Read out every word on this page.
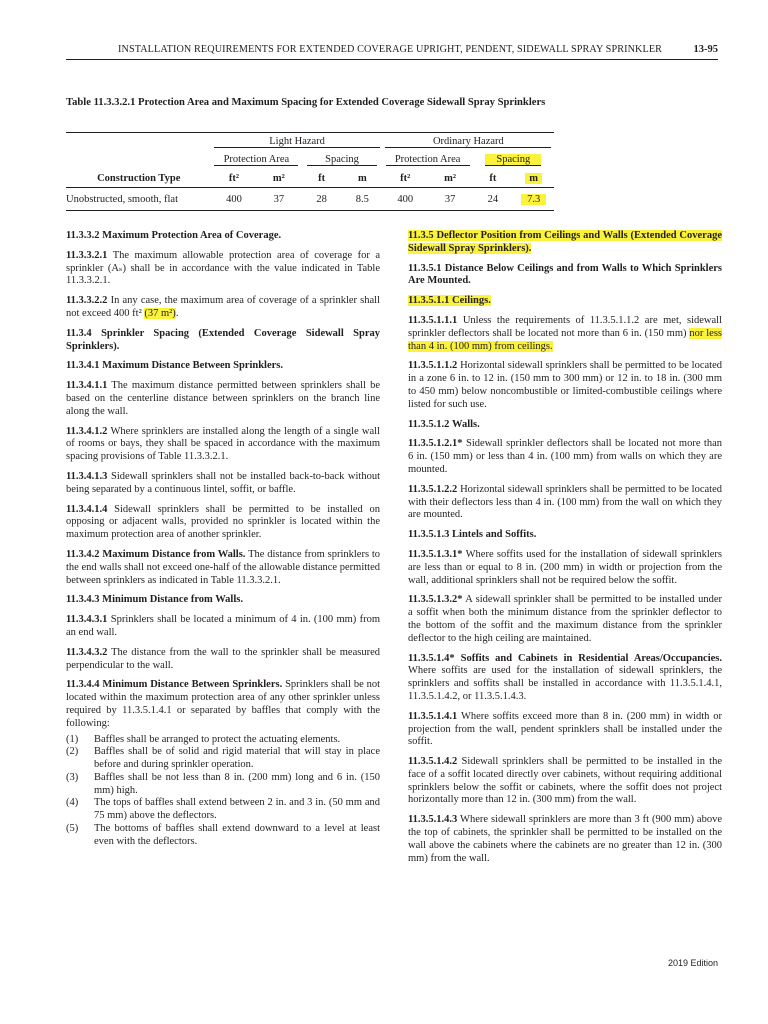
INSTALLATION REQUIREMENTS FOR EXTENDED COVERAGE UPRIGHT, PENDENT, SIDEWALL SPRAY SPRINKLER	13-95
Table 11.3.3.2.1 Protection Area and Maximum Spacing for Extended Coverage Sidewall Spray Sprinklers
	Light Hazard				Ordinary Hazard			
	Protection Area		Spacing		Protection Area		Spacing	
Construction Type	ft²	m²	ft	m	ft²	m²	ft	m
Unobstructed, smooth, flat	400	37	28	8.5	400	37	24	7.3

11.3.3.2 Maximum Protection Area of Coverage.

11.3.3.2.1 The maximum allowable protection area of coverage for a sprinkler (Aₛ) shall be in accordance with the value indicated in Table 11.3.3.2.1.

11.3.3.2.2 In any case, the maximum area of coverage of a sprinkler shall not exceed 400 ft² (37 m²).

11.3.4 Sprinkler Spacing (Extended Coverage Sidewall Spray Sprinklers).

11.3.4.1 Maximum Distance Between Sprinklers.

11.3.4.1.1 The maximum distance permitted between sprinklers shall be based on the centerline distance between sprinklers on the branch line along the wall.

11.3.4.1.2 Where sprinklers are installed along the length of a single wall of rooms or bays, they shall be spaced in accordance with the maximum spacing provisions of Table 11.3.3.2.1.

11.3.4.1.3 Sidewall sprinklers shall not be installed back-to-back without being separated by a continuous lintel, soffit, or baffle.

11.3.4.1.4 Sidewall sprinklers shall be permitted to be installed on opposing or adjacent walls, provided no sprinkler is located within the maximum protection area of another sprinkler.

11.3.4.2 Maximum Distance from Walls. The distance from sprinklers to the end walls shall not exceed one-half of the allowable distance permitted between sprinklers as indicated in Table 11.3.3.2.1.

11.3.4.3 Minimum Distance from Walls.

11.3.4.3.1 Sprinklers shall be located a minimum of 4 in. (100 mm) from an end wall.

11.3.4.3.2 The distance from the wall to the sprinkler shall be measured perpendicular to the wall.

11.3.4.4 Minimum Distance Between Sprinklers. Sprinklers shall be not located within the maximum protection area of any other sprinkler unless required by 11.3.5.1.4.1 or separated by baffles that comply with the following:

(1) Baffles shall be arranged to protect the actuating elements.
(2) Baffles shall be of solid and rigid material that will stay in place before and during sprinkler operation.
(3) Baffles shall be not less than 8 in. (200 mm) long and 6 in. (150 mm) high.
(4) The tops of baffles shall extend between 2 in. and 3 in. (50 mm and 75 mm) above the deflectors.
(5) The bottoms of baffles shall extend downward to a level at least even with the deflectors.

11.3.5 Deflector Position from Ceilings and Walls (Extended Coverage Sidewall Spray Sprinklers).

11.3.5.1 Distance Below Ceilings and from Walls to Which Sprinklers Are Mounted.

11.3.5.1.1 Ceilings.

11.3.5.1.1.1 Unless the requirements of 11.3.5.1.1.2 are met, sidewall sprinkler deflectors shall be located not more than 6 in. (150 mm) nor less than 4 in. (100 mm) from ceilings.

11.3.5.1.1.2 Horizontal sidewall sprinklers shall be permitted to be located in a zone 6 in. to 12 in. (150 mm to 300 mm) or 12 in. to 18 in. (300 mm to 450 mm) below noncombustible or limited-combustible ceilings where listed for such use.

11.3.5.1.2 Walls.

11.3.5.1.2.1* Sidewall sprinkler deflectors shall be located not more than 6 in. (150 mm) or less than 4 in. (100 mm) from walls on which they are mounted.

11.3.5.1.2.2 Horizontal sidewall sprinklers shall be permitted to be located with their deflectors less than 4 in. (100 mm) from the wall on which they are mounted.

11.3.5.1.3 Lintels and Soffits.

11.3.5.1.3.1* Where soffits used for the installation of sidewall sprinklers are less than or equal to 8 in. (200 mm) in width or projection from the wall, additional sprinklers shall not be required below the soffit.

11.3.5.1.3.2* A sidewall sprinkler shall be permitted to be installed under a soffit when both the minimum distance from the sprinkler deflector to the bottom of the soffit and the maximum distance from the sprinkler deflector to the high ceiling are maintained.

11.3.5.1.4* Soffits and Cabinets in Residential Areas/Occupancies. Where soffits are used for the installation of sidewall sprinklers, the sprinklers and soffits shall be installed in accordance with 11.3.5.1.4.1, 11.3.5.1.4.2, or 11.3.5.1.4.3.

11.3.5.1.4.1 Where soffits exceed more than 8 in. (200 mm) in width or projection from the wall, pendent sprinklers shall be installed under the soffit.

11.3.5.1.4.2 Sidewall sprinklers shall be permitted to be installed in the face of a soffit located directly over cabinets, without requiring additional sprinklers below the soffit or cabinets, where the soffit does not project horizontally more than 12 in. (300 mm) from the wall.

11.3.5.1.4.3 Where sidewall sprinklers are more than 3 ft (900 mm) above the top of cabinets, the sprinkler shall be permitted to be installed on the wall above the cabinets where the cabinets are no greater than 12 in. (300 mm) from the wall.

2019 Edition
